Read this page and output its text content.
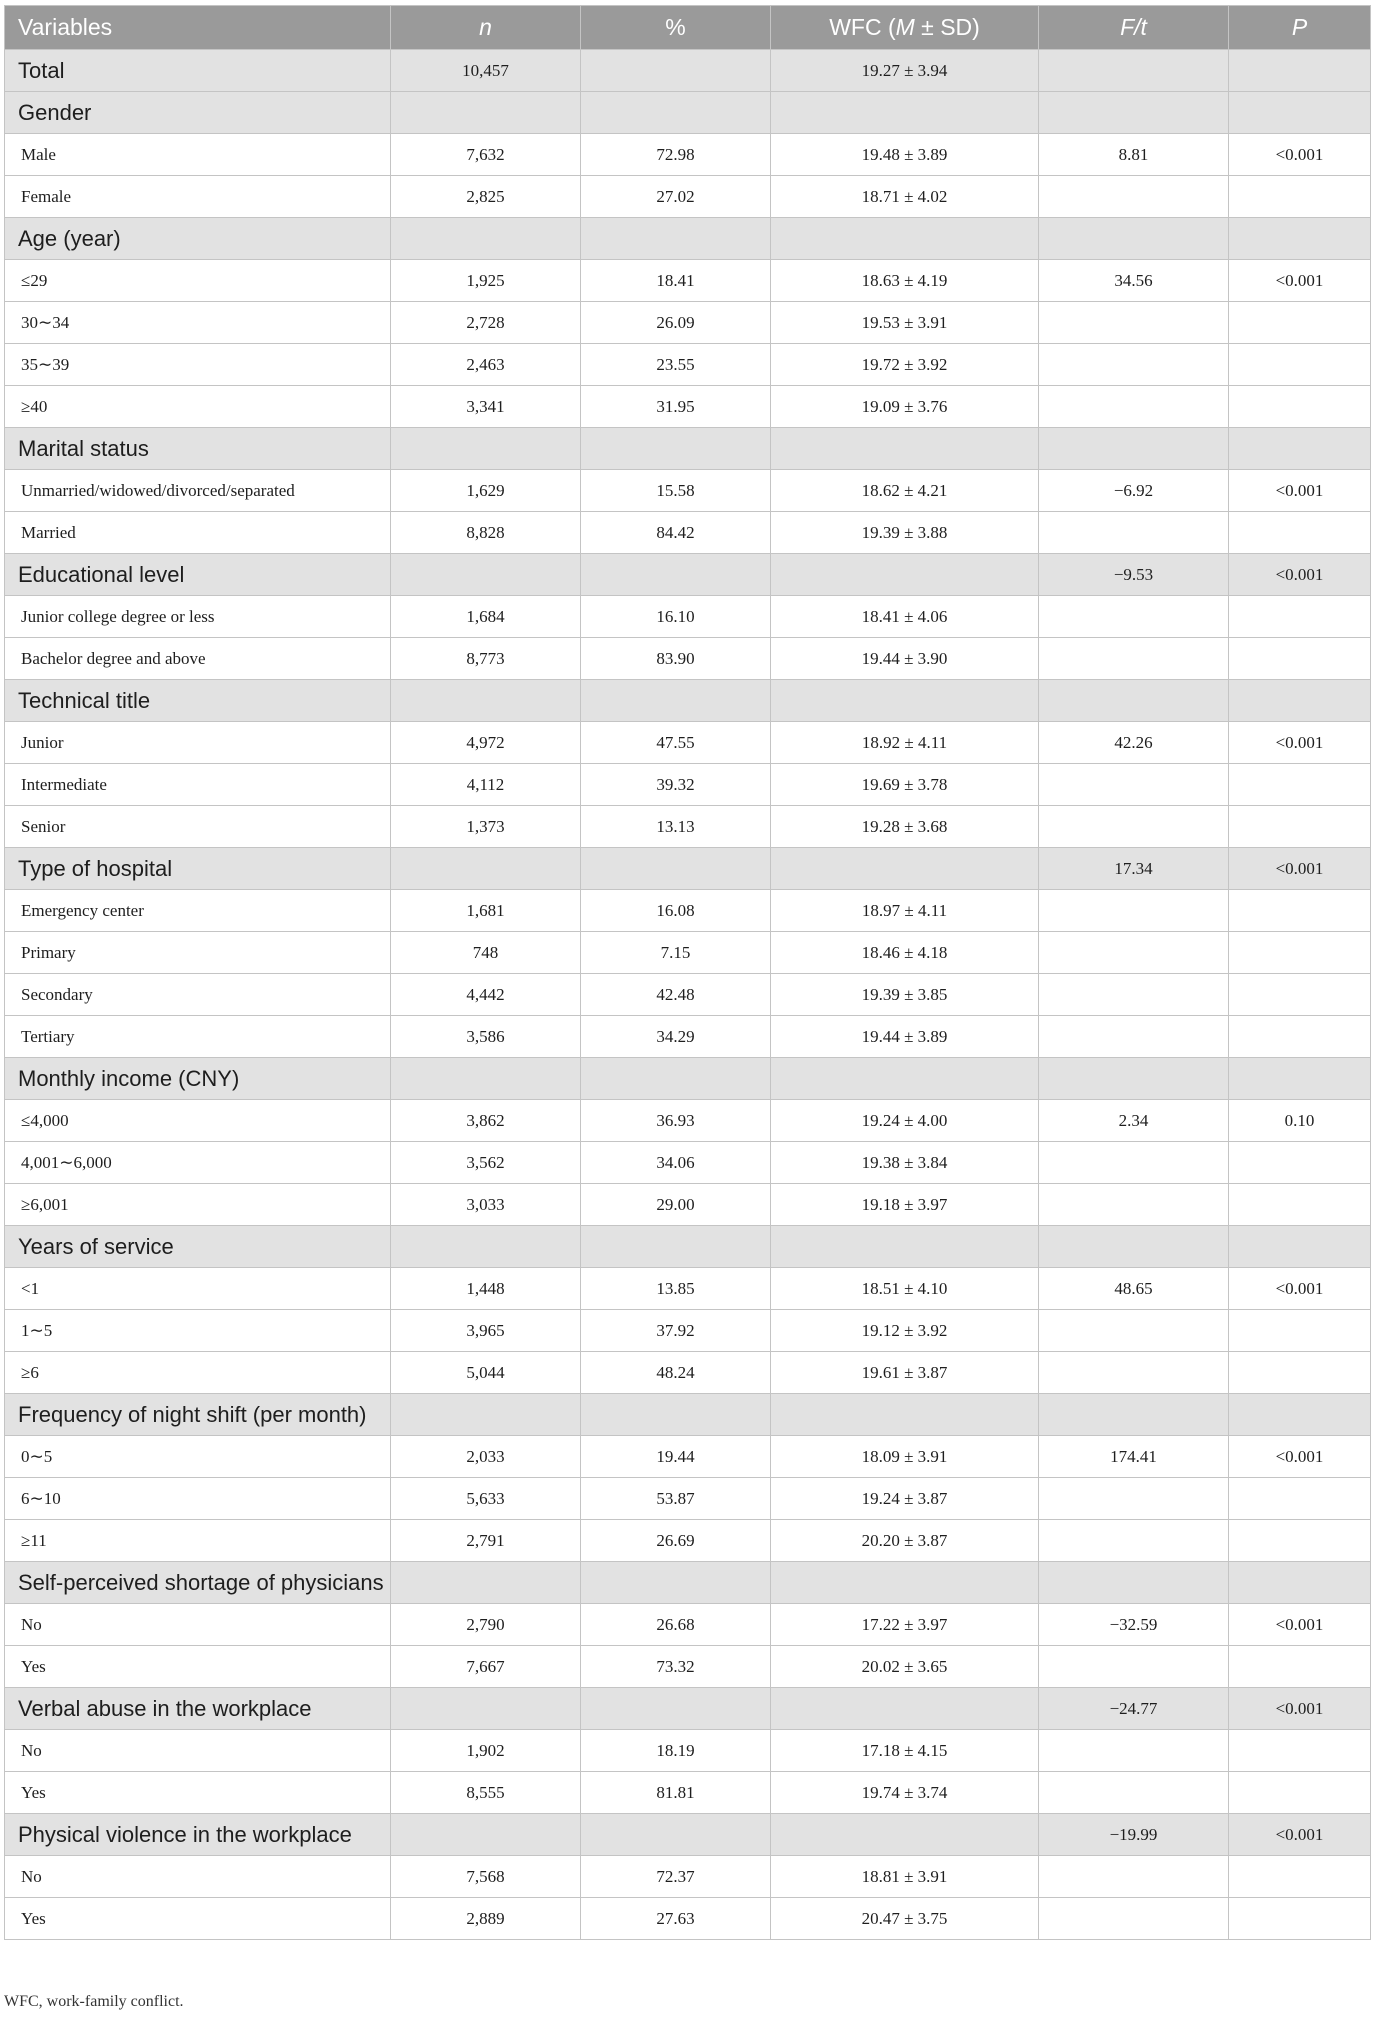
Variables	n	%	WFC (M ± SD)	F/t	P
Total	10,457		19.27 ± 3.94		
Gender					
Male	7,632	72.98	19.48 ± 3.89	8.81	<0.001
Female	2,825	27.02	18.71 ± 4.02		
Age (year)					
≤29	1,925	18.41	18.63 ± 4.19	34.56	<0.001
30∼34	2,728	26.09	19.53 ± 3.91		
35∼39	2,463	23.55	19.72 ± 3.92		
≥40	3,341	31.95	19.09 ± 3.76		
Marital status					
Unmarried/widowed/divorced/separated	1,629	15.58	18.62 ± 4.21	−6.92	<0.001
Married	8,828	84.42	19.39 ± 3.88		
Educational level				−9.53	<0.001
Junior college degree or less	1,684	16.10	18.41 ± 4.06		
Bachelor degree and above	8,773	83.90	19.44 ± 3.90		
Technical title					
Junior	4,972	47.55	18.92 ± 4.11	42.26	<0.001
Intermediate	4,112	39.32	19.69 ± 3.78		
Senior	1,373	13.13	19.28 ± 3.68		
Type of hospital				17.34	<0.001
Emergency center	1,681	16.08	18.97 ± 4.11		
Primary	748	7.15	18.46 ± 4.18		
Secondary	4,442	42.48	19.39 ± 3.85		
Tertiary	3,586	34.29	19.44 ± 3.89		
Monthly income (CNY)					
≤4,000	3,862	36.93	19.24 ± 4.00	2.34	0.10
4,001∼6,000	3,562	34.06	19.38 ± 3.84		
≥6,001	3,033	29.00	19.18 ± 3.97		
Years of service					
<1	1,448	13.85	18.51 ± 4.10	48.65	<0.001
1∼5	3,965	37.92	19.12 ± 3.92		
≥6	5,044	48.24	19.61 ± 3.87		
Frequency of night shift (per month)					
0∼5	2,033	19.44	18.09 ± 3.91	174.41	<0.001
6∼10	5,633	53.87	19.24 ± 3.87		
≥11	2,791	26.69	20.20 ± 3.87		
Self-perceived shortage of physicians					
No	2,790	26.68	17.22 ± 3.97	−32.59	<0.001
Yes	7,667	73.32	20.02 ± 3.65		
Verbal abuse in the workplace				−24.77	<0.001
No	1,902	18.19	17.18 ± 4.15		
Yes	8,555	81.81	19.74 ± 3.74		
Physical violence in the workplace				−19.99	<0.001
No	7,568	72.37	18.81 ± 3.91		
Yes	2,889	27.63	20.47 ± 3.75		
WFC, work-family conflict.
